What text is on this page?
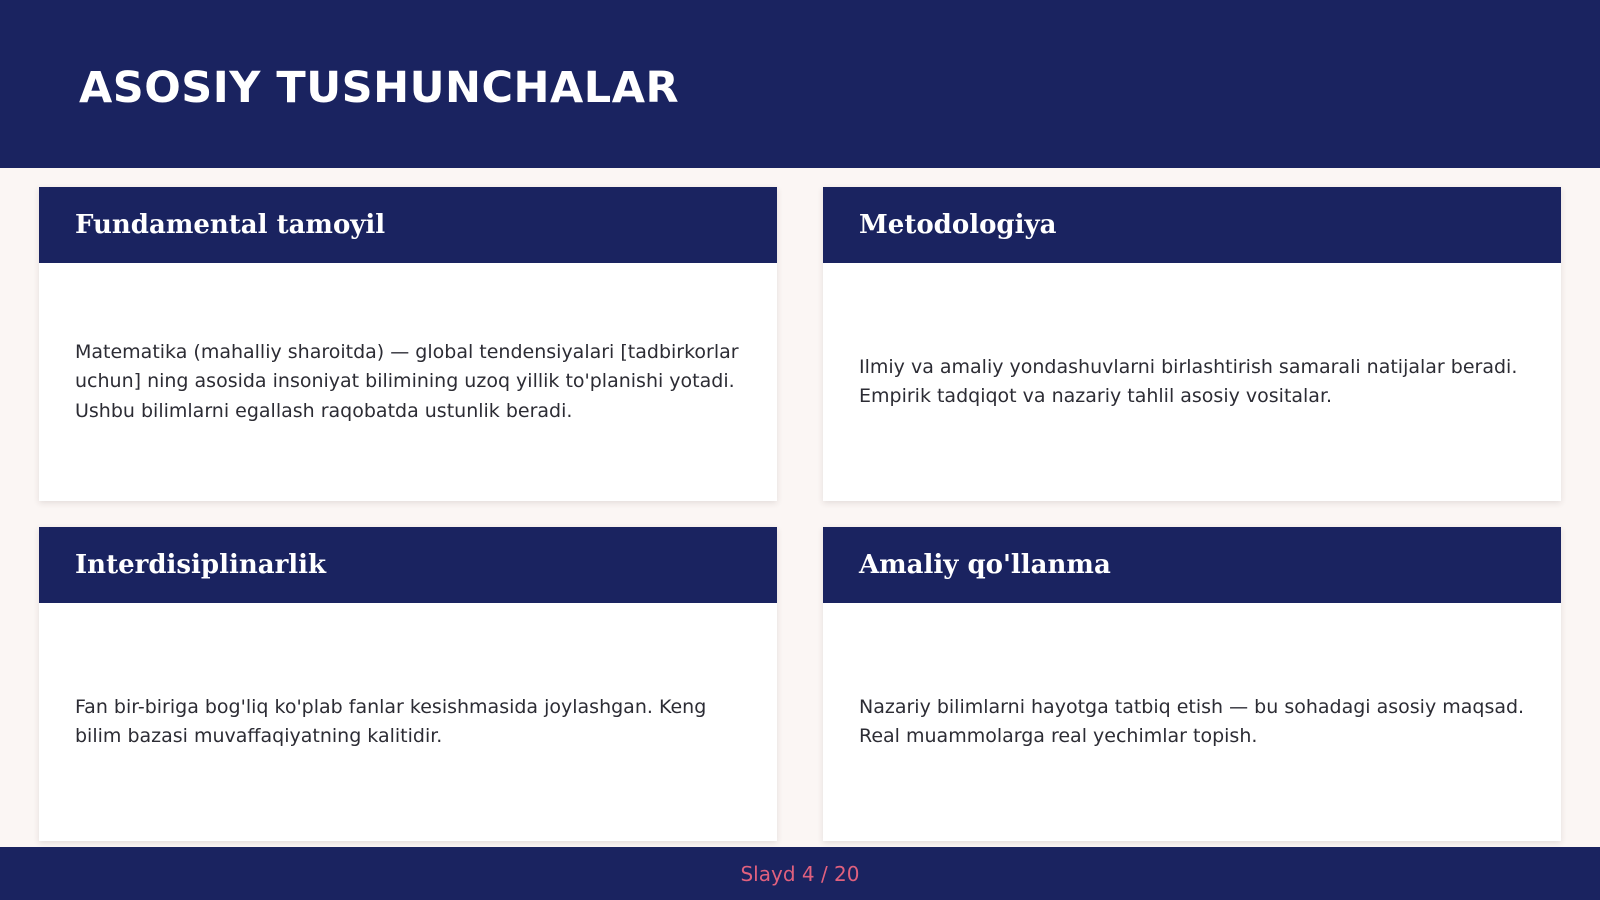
ASOSIY TUSHUNCHALAR
Fundamental tamoyil

Matematika (mahalliy sharoitda) — global tendensiyalari [tadbirkorlar uchun] ning asosida insoniyat bilimining uzoq yillik to'planishi yotadi. Ushbu bilimlarni egallash raqobatda ustunlik beradi.

Metodologiya

Ilmiy va amaliy yondashuvlarni birlashtirish samarali natijalar beradi. Empirik tadqiqot va nazariy tahlil asosiy vositalar.

Interdisiplinarlik

Fan bir-biriga bog'liq ko'plab fanlar kesishmasida joylashgan. Keng bilim bazasi muvaffaqiyatning kalitidir.

Amaliy qo'llanma

Nazariy bilimlarni hayotga tatbiq etish — bu sohadagi asosiy maqsad. Real muammolarga real yechimlar topish.

Slayd 4 / 20
